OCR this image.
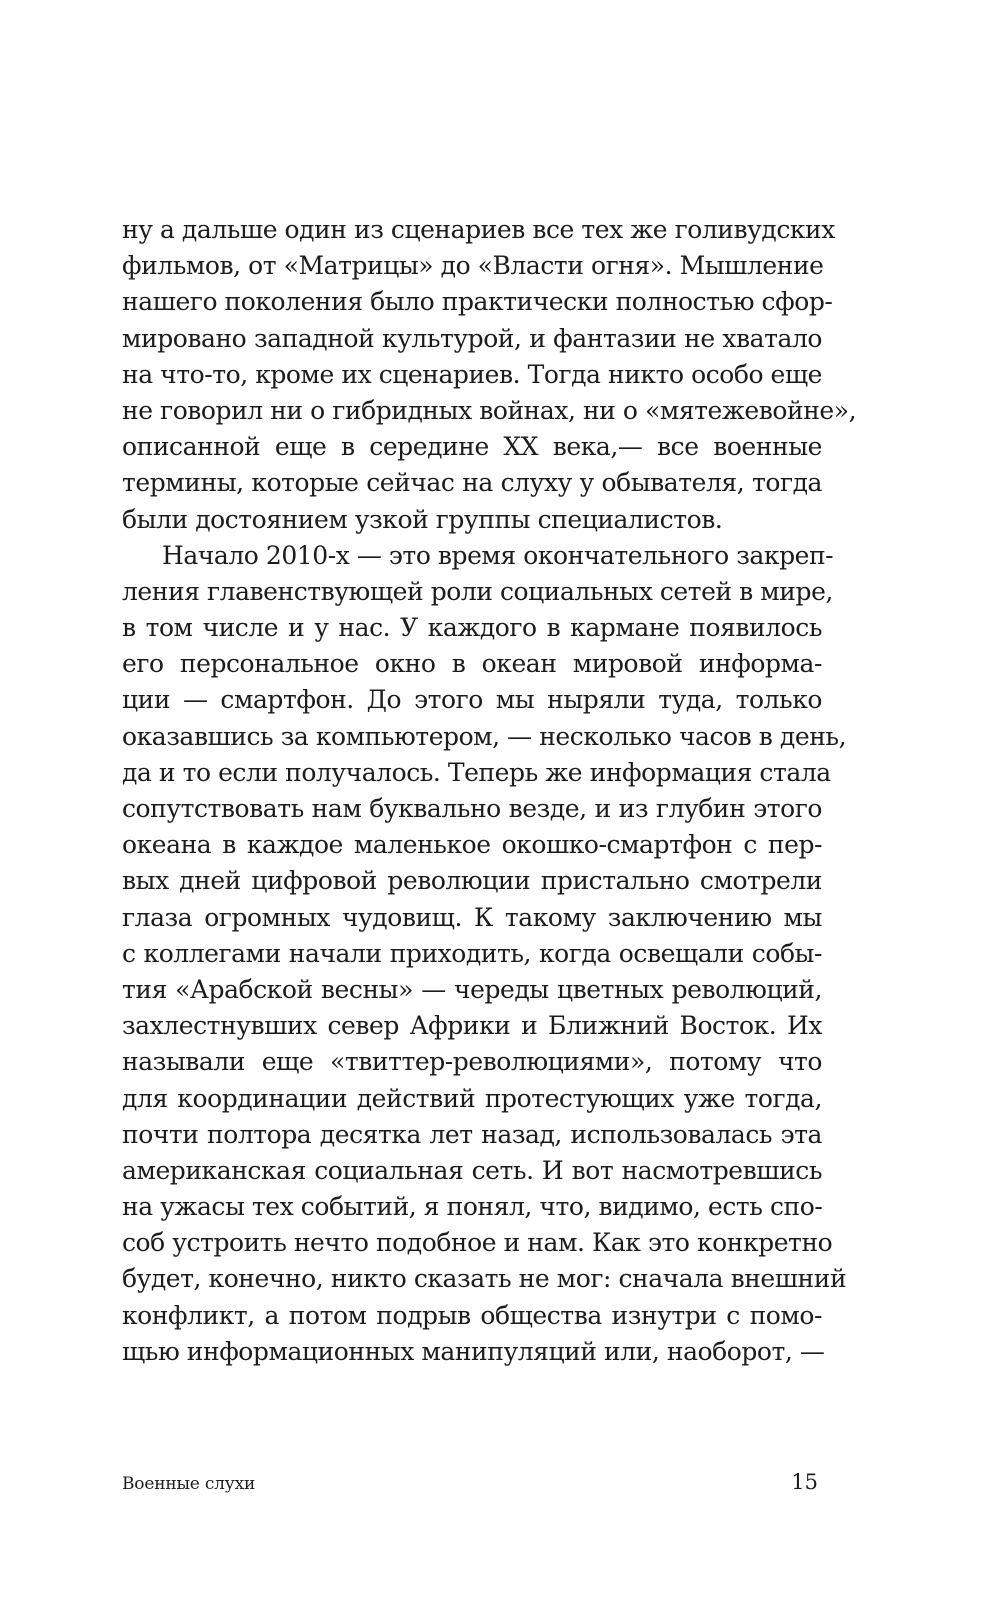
ну а дальше один из сценариев все тех же голивудских
фильмов, от «Матрицы» до «Власти огня». Мышление
нашего поколения было практически полностью сфор-
мировано западной культурой, и фантазии не хватало
на что-то, кроме их сценариев. Тогда никто особо еще
не говорил ни о гибридных войнах, ни о «мятежевойне»,
описанной еще в середине XX века,— все военные
термины, которые сейчас на слуху у обывателя, тогда
были достоянием узкой группы специалистов.
Начало 2010-х — это время окончательного закреп-
ления главенствующей роли социальных сетей в мире,
в том числе и у нас. У каждого в кармане появилось
его персональное окно в океан мировой информа-
ции — смартфон. До этого мы ныряли туда, только
оказавшись за компьютером, — несколько часов в день,
да и то если получалось. Теперь же информация стала
сопутствовать нам буквально везде, и из глубин этого
океана в каждое маленькое окошко-смартфон с пер-
вых дней цифровой революции пристально смотрели
глаза огромных чудовищ. К такому заключению мы
с коллегами начали приходить, когда освещали собы-
тия «Арабской весны» — череды цветных революций,
захлестнувших север Африки и Ближний Восток. Их
называли еще «твиттер-революциями», потому что
для координации действий протестующих уже тогда,
почти полтора десятка лет назад, использовалась эта
американская социальная сеть. И вот насмотревшись
на ужасы тех событий, я понял, что, видимо, есть спо-
соб устроить нечто подобное и нам. Как это конкретно
будет, конечно, никто сказать не мог: сначала внешний
конфликт, а потом подрыв общества изнутри с помо-
щью информационных манипуляций или, наоборот, —
Военные слухи	15
